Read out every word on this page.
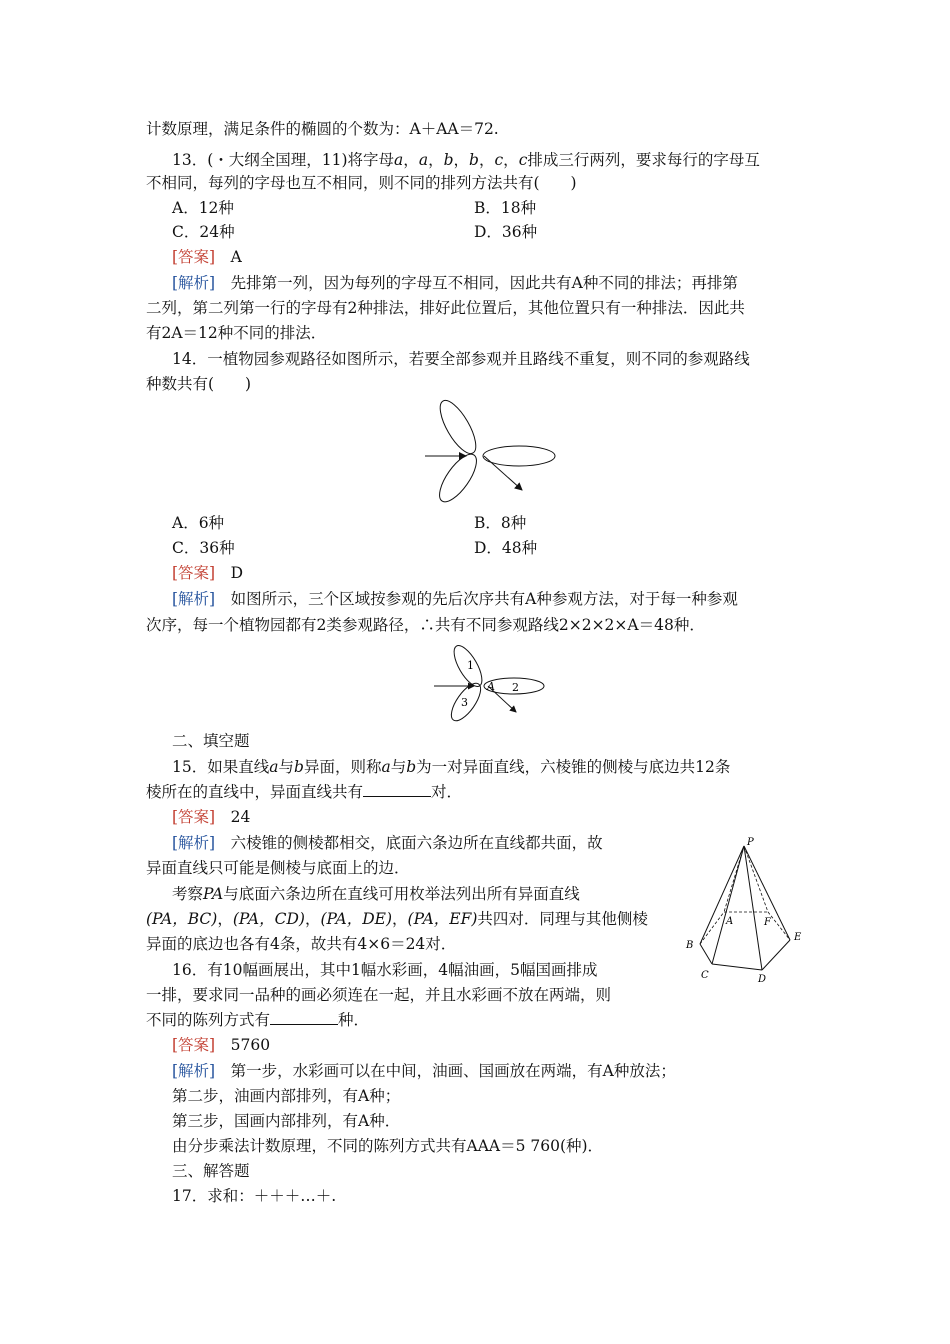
计数原理，满足条件的椭圆的个数为：A＋AA＝72.
13．(・大纲全国理，11)将字母a，a，b，b，c，c排成三行两列，要求每行的字母互
不相同，每列的字母也互不相同，则不同的排列方法共有(　　)
A．12种	B．18种
C．24种	D．36种
[答案]　 A
[解析]　 先排第一列，因为每列的字母互不相同，因此共有A种不同的排法；再排第
二列，第二列第一行的字母有2种排法，排好此位置后，其他位置只有一种排法．因此共
有2A＝12种不同的排法．
14．一植物园参观路径如图所示，若要全部参观并且路线不重复，则不同的参观路线
种数共有(　　)
A．6种	B．8种
C．36种	D．48种
[答案]　 D
[解析]　 如图所示，三个区域按参观的先后次序共有A种参观方法，对于每一种参观
次序，每一个植物园都有2类参观路径，∴共有不同参观路线2×2×2×A＝48种．
1
2
3
A
二、填空题
15．如果直线a与b异面，则称a与b为一对异面直线，六棱锥的侧棱与底边共12条
棱所在的直线中，异面直线共有	对．
[答案]　 24
[解析]　 六棱锥的侧棱都相交，底面六条边所在直线都共面，故
异面直线只可能是侧棱与底面上的边．
考察PA与底面六条边所在直线可用枚举法列出所有异面直线
(PA，BC)，(PA，CD)，(PA，DE)，(PA，EF)共四对．同理与其他侧棱
异面的底边也各有4条，故共有4×6＝24对．
P
A	F
B
C	D
E
16．有10幅画展出，其中1幅水彩画，4幅油画，5幅国画排成
一排，要求同一品种的画必须连在一起，并且水彩画不放在两端，则
不同的陈列方式有	种．
[答案]　 5760
[解析]　 第一步，水彩画可以在中间，油画、国画放在两端，有A种放法；
第二步，油画内部排列，有A种；
第三步，国画内部排列，有A种．
由分步乘法计数原理，不同的陈列方式共有AAA＝5 760(种)．
三、解答题
17．求和：＋＋＋…＋.
